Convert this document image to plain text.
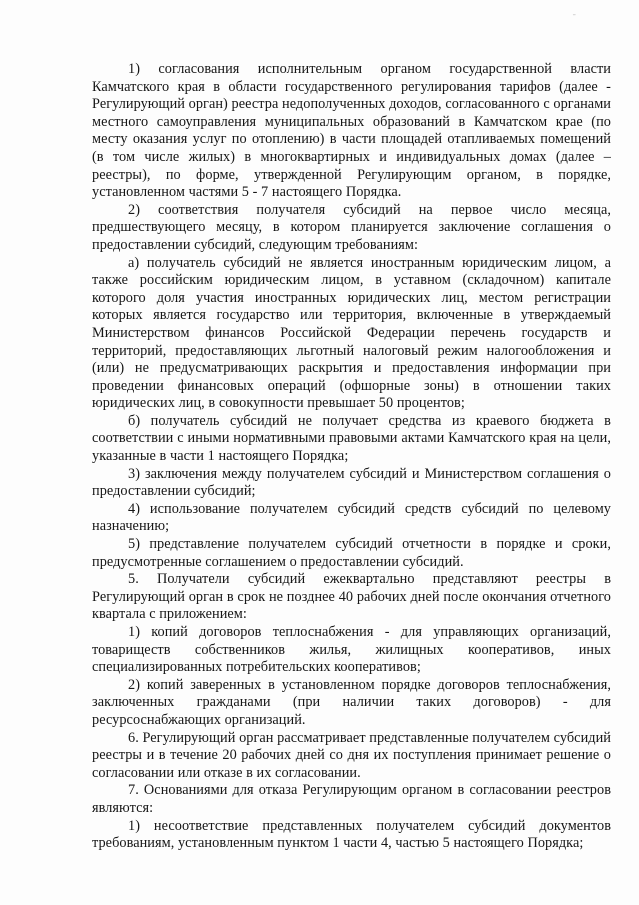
1) согласования исполнительным органом государственной власти Камчатского края в области государственного регулирования тарифов (далее - Регулирующий орган) реестра недополученных доходов, согласованного с органами местного самоуправления муниципальных образований в Камчатском крае (по месту оказания услуг по отоплению) в части площадей отапливаемых помещений (в том числе жилых) в многоквартирных и индивидуальных домах (далее – реестры), по форме, утвержденной Регулирующим органом, в порядке, установленном частями 5 - 7 настоящего Порядка.

2) соответствия получателя субсидий на первое число месяца, предшествующего месяцу, в котором планируется заключение соглашения о предоставлении субсидий, следующим требованиям:

а) получатель субсидий не является иностранным юридическим лицом, а также российским юридическим лицом, в уставном (складочном) капитале которого доля участия иностранных юридических лиц, местом регистрации которых является государство или территория, включенные в утверждаемый Министерством финансов Российской Федерации перечень государств и территорий, предоставляющих льготный налоговый режим налогообложения и (или) не предусматривающих раскрытия и предоставления информации при проведении финансовых операций (офшорные зоны) в отношении таких юридических лиц, в совокупности превышает 50 процентов;

б) получатель субсидий не получает средства из краевого бюджета в соответствии с иными нормативными правовыми актами Камчатского края на цели, указанные в части 1 настоящего Порядка;

3) заключения между получателем субсидий и Министерством соглашения о предоставлении субсидий;

4) использование получателем субсидий средств субсидий по целевому назначению;

5) представление получателем субсидий отчетности в порядке и сроки, предусмотренные соглашением о предоставлении субсидий.

5. Получатели субсидий ежеквартально представляют реестры в Регулирующий орган в срок не позднее 40 рабочих дней после окончания отчетного квартала с приложением:

1) копий договоров теплоснабжения - для управляющих организаций, товариществ собственников жилья, жилищных кооперативов, иных специализированных потребительских кооперативов;

2) копий заверенных в установленном порядке договоров теплоснабжения, заключенных гражданами (при наличии таких договоров) - для ресурсоснабжающих организаций.

6. Регулирующий орган рассматривает представленные получателем субсидий реестры и в течение 20 рабочих дней со дня их поступления принимает решение о согласовании или отказе в их согласовании.

7. Основаниями для отказа Регулирующим органом в согласовании реестров являются:

1) несоответствие представленных получателем субсидий документов требованиям, установленным пунктом 1 части 4, частью 5 настоящего Порядка;

ˉ
